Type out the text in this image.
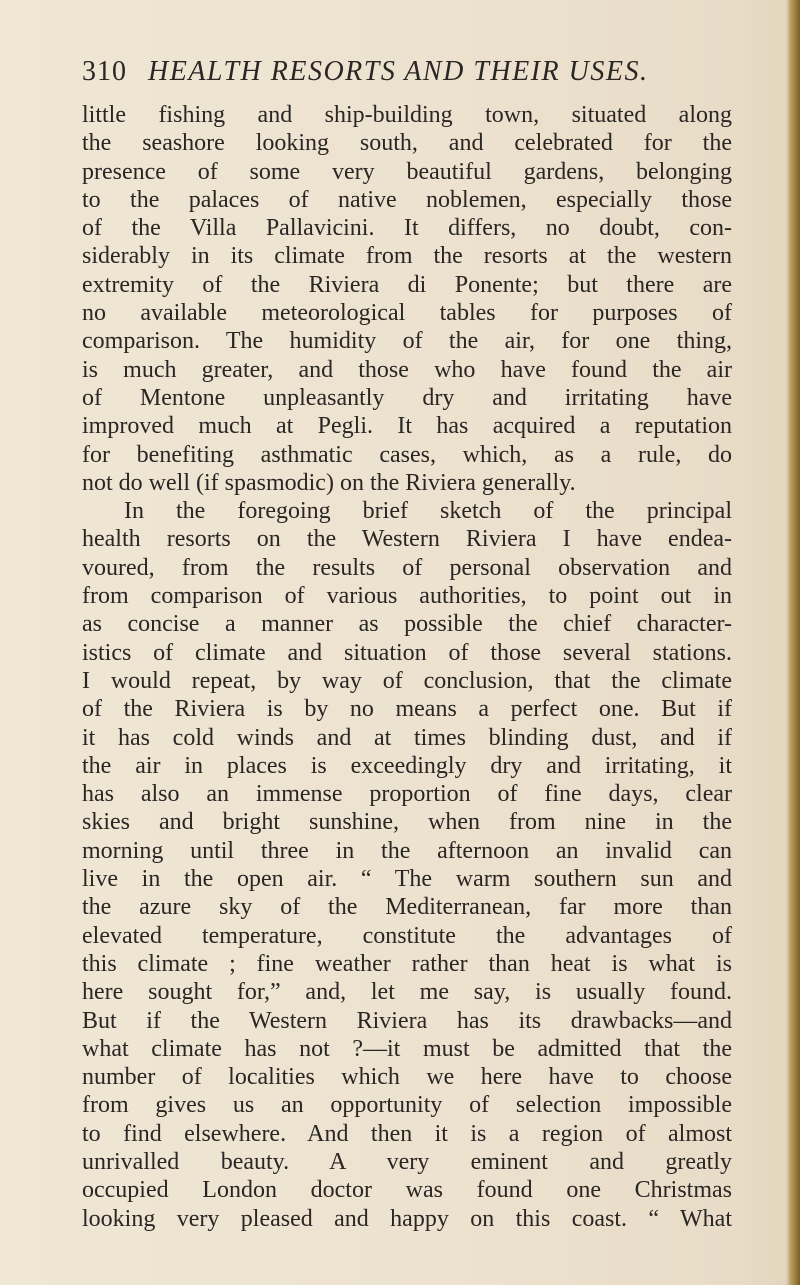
310 HEALTH RESORTS AND THEIR USES.
little fishing and ship-building town, situated along
the seashore looking south, and celebrated for the
presence of some very beautiful gardens, belonging
to the palaces of native noblemen, especially those
of the Villa Pallavicini. It differs, no doubt, con-
siderably in its climate from the resorts at the western
extremity of the Riviera di Ponente; but there are
no available meteorological tables for purposes of
comparison. The humidity of the air, for one thing,
is much greater, and those who have found the air
of Mentone unpleasantly dry and irritating have
improved much at Pegli. It has acquired a reputation
for benefiting asthmatic cases, which, as a rule, do
not do well (if spasmodic) on the Riviera generally.
In the foregoing brief sketch of the principal
health resorts on the Western Riviera I have endea-
voured, from the results of personal observation and
from comparison of various authorities, to point out in
as concise a manner as possible the chief character-
istics of climate and situation of those several stations.
I would repeat, by way of conclusion, that the climate
of the Riviera is by no means a perfect one. But if
it has cold winds and at times blinding dust, and if
the air in places is exceedingly dry and irritating, it
has also an immense proportion of fine days, clear
skies and bright sunshine, when from nine in the
morning until three in the afternoon an invalid can
live in the open air. “ The warm southern sun and
the azure sky of the Mediterranean, far more than
elevated temperature, constitute the advantages of
this climate ; fine weather rather than heat is what is
here sought for,” and, let me say, is usually found.
But if the Western Riviera has its drawbacks—and
what climate has not ?—it must be admitted that the
number of localities which we here have to choose
from gives us an opportunity of selection impossible
to find elsewhere. And then it is a region of almost
unrivalled beauty. A very eminent and greatly
occupied London doctor was found one Christmas
looking very pleased and happy on this coast. “ What
